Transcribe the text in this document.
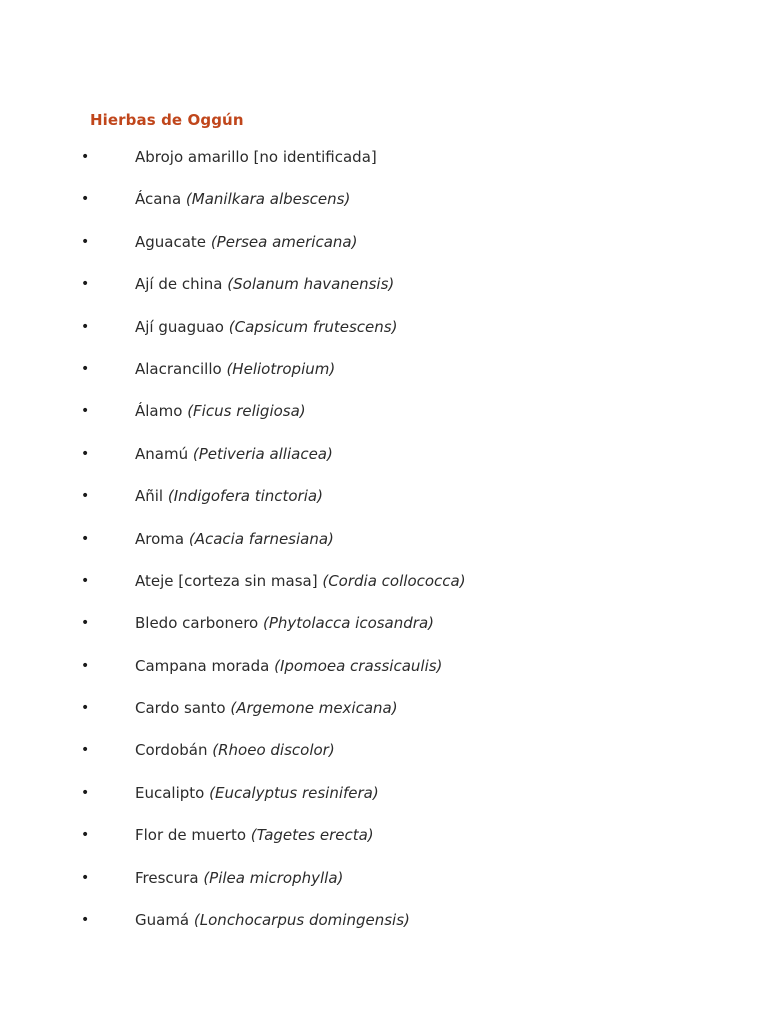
Hierbas de Oggún
•	Abrojo amarillo [no identificada]
•	Ácana (Manilkara albescens)
•	Aguacate (Persea americana)
•	Ají de china (Solanum havanensis)
•	Ají guaguao (Capsicum frutescens)
•	Alacrancillo (Heliotropium)
•	Álamo (Ficus religiosa)
•	Anamú (Petiveria alliacea)
•	Añil (Indigofera tinctoria)
•	Aroma (Acacia farnesiana)
•	Ateje [corteza sin masa] (Cordia collococca)
•	Bledo carbonero (Phytolacca icosandra)
•	Campana morada (Ipomoea crassicaulis)
•	Cardo santo (Argemone mexicana)
•	Cordobán (Rhoeo discolor)
•	Eucalipto (Eucalyptus resinifera)
•	Flor de muerto (Tagetes erecta)
•	Frescura (Pilea microphylla)
•	Guamá (Lonchocarpus domingensis)
